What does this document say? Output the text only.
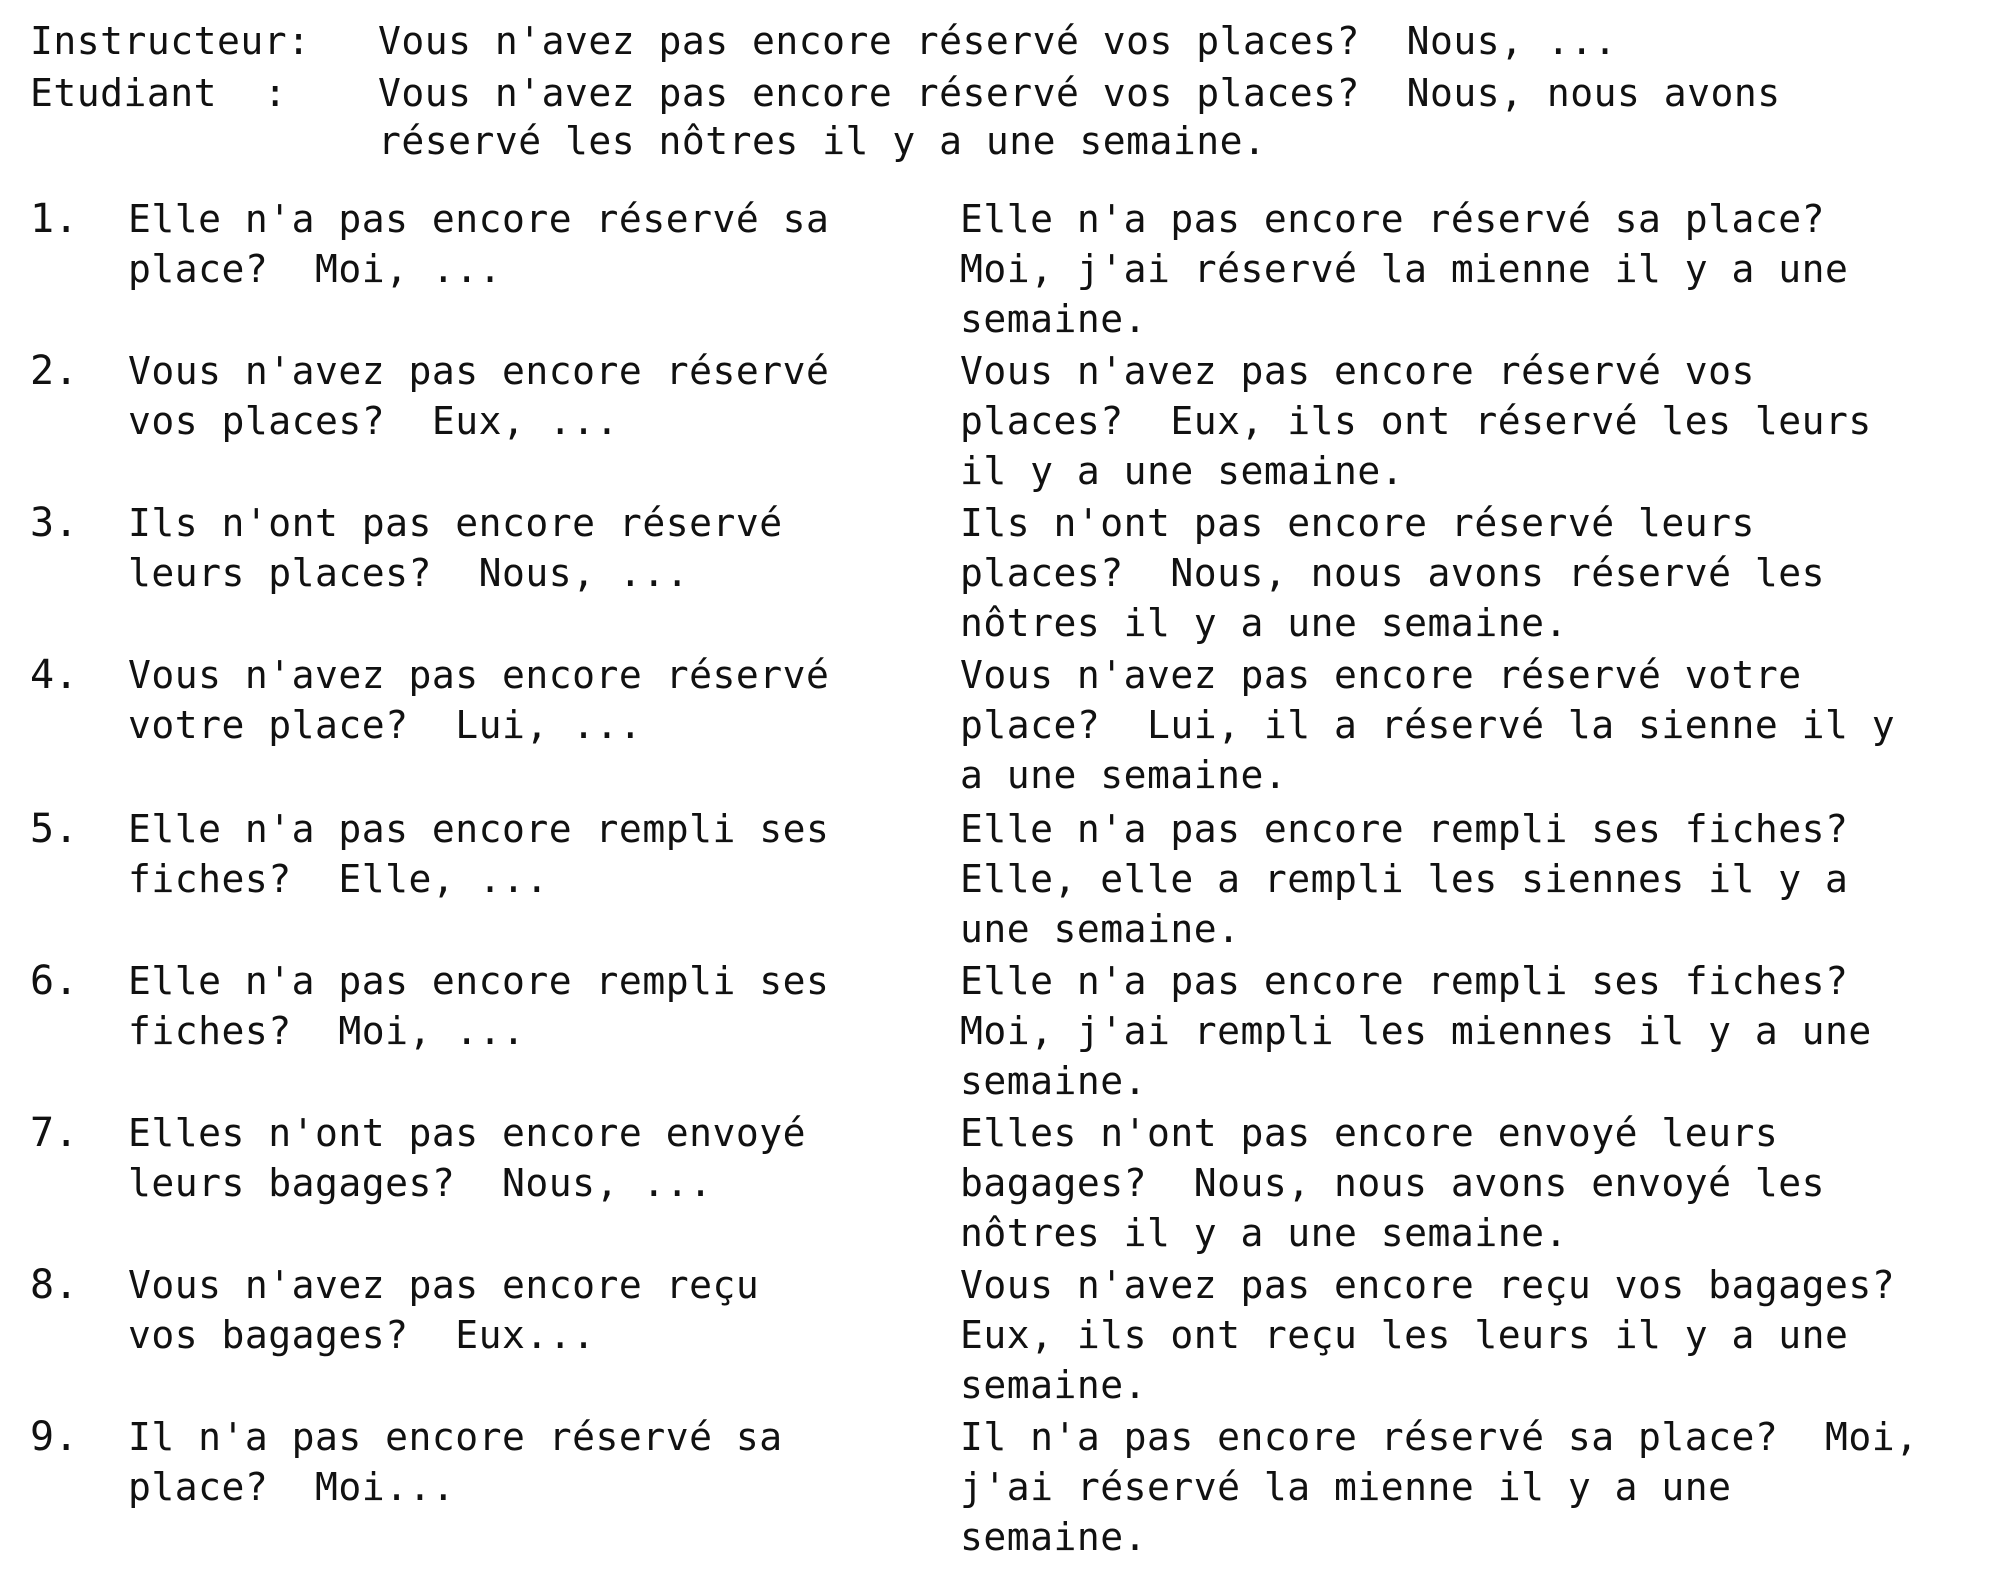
Instructeur: Vous n'avez pas encore réservé vos places?  Nous, ...
Etudiant  : Vous n'avez pas encore réservé vos places?  Nous, nous avons
réservé les nôtres il y a une semaine.
1. Elle n'a pas encore réservé sa
place?  Moi, ...
Elle n'a pas encore réservé sa place?
Moi, j'ai réservé la mienne il y a une
semaine.
2. Vous n'avez pas encore réservé
vos places?  Eux, ...
Vous n'avez pas encore réservé vos
places?  Eux, ils ont réservé les leurs
il y a une semaine.
3. Ils n'ont pas encore réservé
leurs places?  Nous, ...
Ils n'ont pas encore réservé leurs
places?  Nous, nous avons réservé les
nôtres il y a une semaine.
4. Vous n'avez pas encore réservé
votre place?  Lui, ...
Vous n'avez pas encore réservé votre
place?  Lui, il a réservé la sienne il y
a une semaine.
5. Elle n'a pas encore rempli ses
fiches?  Elle, ...
Elle n'a pas encore rempli ses fiches?
Elle, elle a rempli les siennes il y a
une semaine.
6. Elle n'a pas encore rempli ses
fiches?  Moi, ...
Elle n'a pas encore rempli ses fiches?
Moi, j'ai rempli les miennes il y a une
semaine.
7. Elles n'ont pas encore envoyé
leurs bagages?  Nous, ...
Elles n'ont pas encore envoyé leurs
bagages?  Nous, nous avons envoyé les
nôtres il y a une semaine.
8. Vous n'avez pas encore reçu
vos bagages?  Eux...
Vous n'avez pas encore reçu vos bagages?
Eux, ils ont reçu les leurs il y a une
semaine.
9. Il n'a pas encore réservé sa
place?  Moi...
Il n'a pas encore réservé sa place?  Moi,
j'ai réservé la mienne il y a une
semaine.
